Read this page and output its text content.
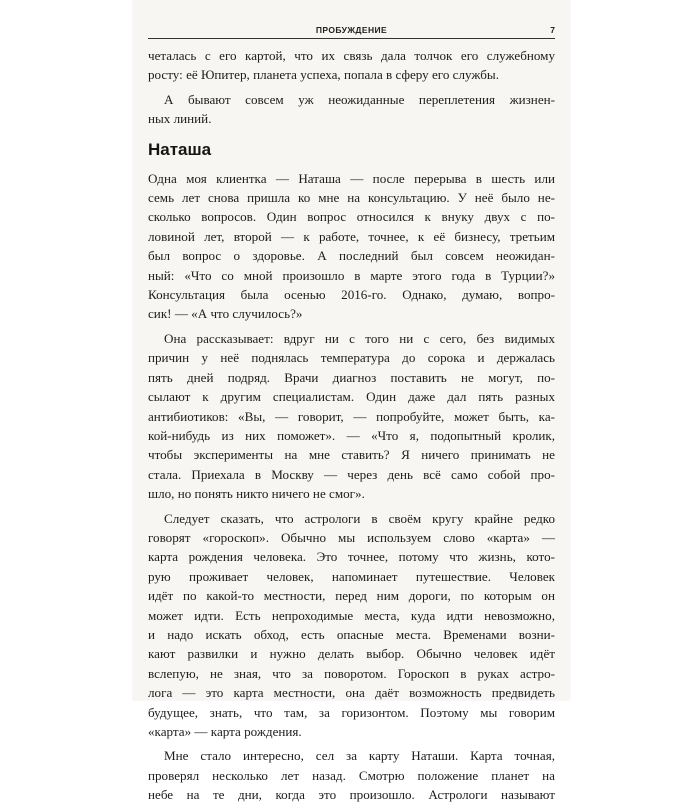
ПРОБУЖДЕНИЕ	7
четалась с его картой, что их связь дала толчок его служебному
росту: её Юпитер, планета успеха, попала в сферу его службы.
А бывают совсем уж неожиданные переплетения жизнен-
ных линий.
Наташа
Одна моя клиентка — Наташа — после перерыва в шесть или
семь лет снова пришла ко мне на консультацию. У неё было не-
сколько вопросов. Один вопрос относился к внуку двух с по-
ловиной лет, второй — к работе, точнее, к её бизнесу, третьим
был вопрос о здоровье. А последний был совсем неожидан-
ный: «Что со мной произошло в марте этого года в Турции?»
Консультация была осенью 2016-го. Однако, думаю, вопро-
сик! — «А что случилось?»
Она рассказывает: вдруг ни с того ни с сего, без видимых
причин у неё поднялась температура до сорока и держалась
пять дней подряд. Врачи диагноз поставить не могут, по-
сылают к другим специалистам. Один даже дал пять разных
антибиотиков: «Вы, — говорит, — попробуйте, может быть, ка-
кой-нибудь из них поможет». — «Что я, подопытный кролик,
чтобы эксперименты на мне ставить? Я ничего принимать не
стала. Приехала в Москву — через день всё само собой про-
шло, но понять никто ничего не смог».
Следует сказать, что астрологи в своём кругу крайне редко
говорят «гороскоп». Обычно мы используем слово «карта» —
карта рождения человека. Это точнее, потому что жизнь, кото-
рую проживает человек, напоминает путешествие. Человек
идёт по какой-то местности, перед ним дороги, по которым он
может идти. Есть непроходимые места, куда идти невозможно,
и надо искать обход, есть опасные места. Временами возни-
кают развилки и нужно делать выбор. Обычно человек идёт
вслепую, не зная, что за поворотом. Гороскоп в руках астро-
лога — это карта местности, она даёт возможность предвидеть
будущее, знать, что там, за горизонтом. Поэтому мы говорим
«карта» — карта рождения.
Мне стало интересно, сел за карту Наташи. Карта точная,
проверял несколько лет назад. Смотрю положение планет на
небе на те дни, когда это произошло. Астрологи называют
